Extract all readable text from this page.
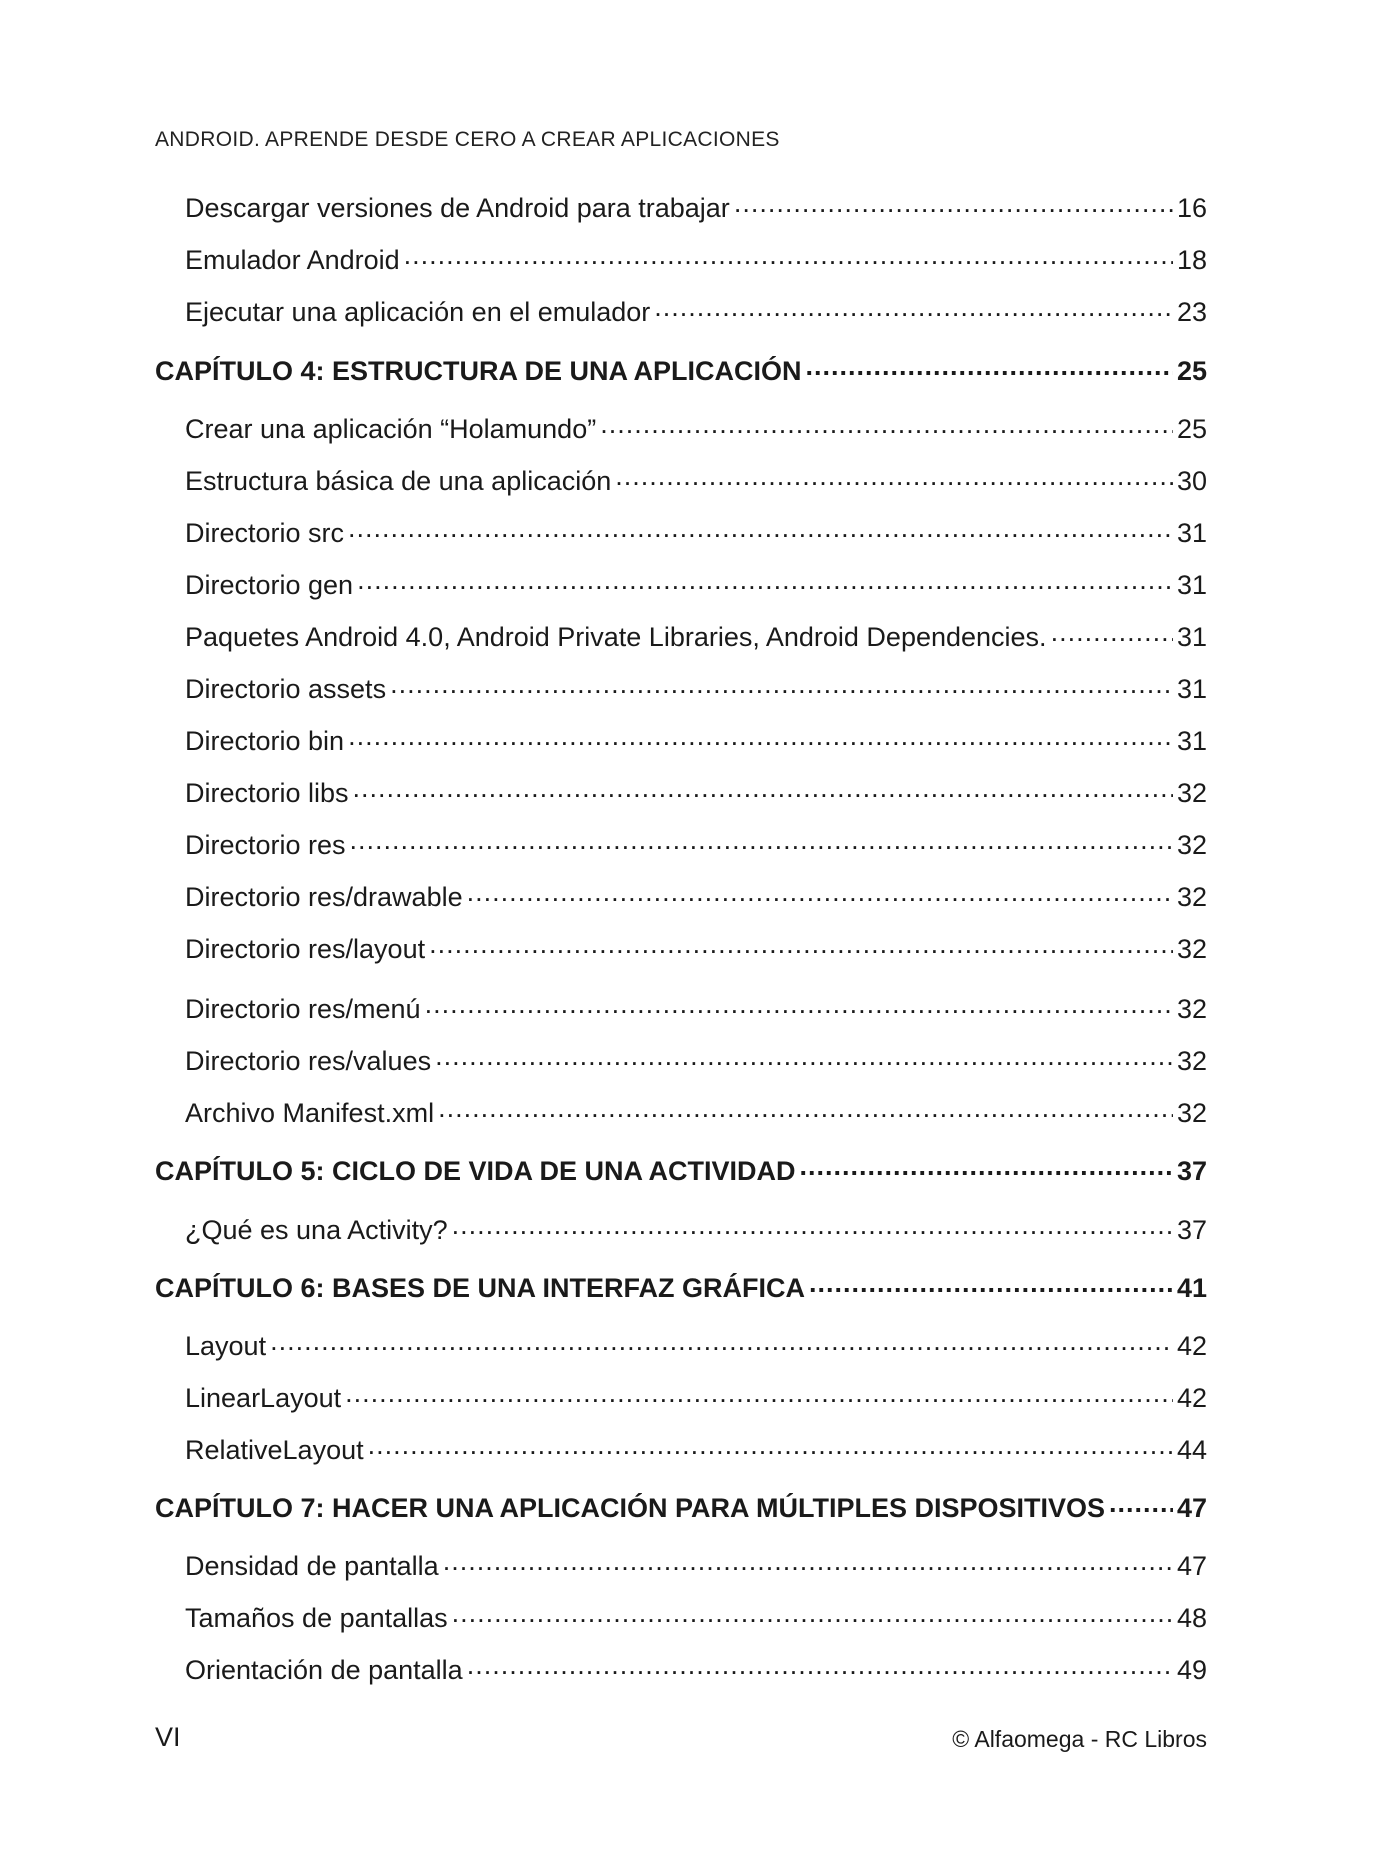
ANDROID. APRENDE DESDE CERO A CREAR APLICACIONES
Descargar versiones de Android para trabajar .....	16
Emulador Android .....	18
Ejecutar una aplicación en el emulador .....	23
CAPÍTULO 4: ESTRUCTURA DE UNA APLICACIÓN .....	25
Crear una aplicación “Holamundo” .....	25
Estructura básica de una aplicación .....	30
Directorio src .....	31
Directorio gen .....	31
Paquetes Android 4.0, Android Private Libraries, Android Dependencies. .....	31
Directorio assets .....	31
Directorio bin .....	31
Directorio libs .....	32
Directorio res .....	32
Directorio res/drawable .....	32
Directorio res/layout .....	32
Directorio res/menú .....	32
Directorio res/values .....	32
Archivo Manifest.xml .....	32
CAPÍTULO 5: CICLO DE VIDA DE UNA ACTIVIDAD .....	37
¿Qué es una Activity? .....	37
CAPÍTULO 6: BASES DE UNA INTERFAZ GRÁFICA .....	41
Layout .....	42
LinearLayout .....	42
RelativeLayout .....	44
CAPÍTULO 7: HACER UNA APLICACIÓN PARA MÚLTIPLES DISPOSITIVOS .....	47
Densidad de pantalla .....	47
Tamaños de pantallas .....	48
Orientación de pantalla .....	49
VI	© Alfaomega - RC Libros
